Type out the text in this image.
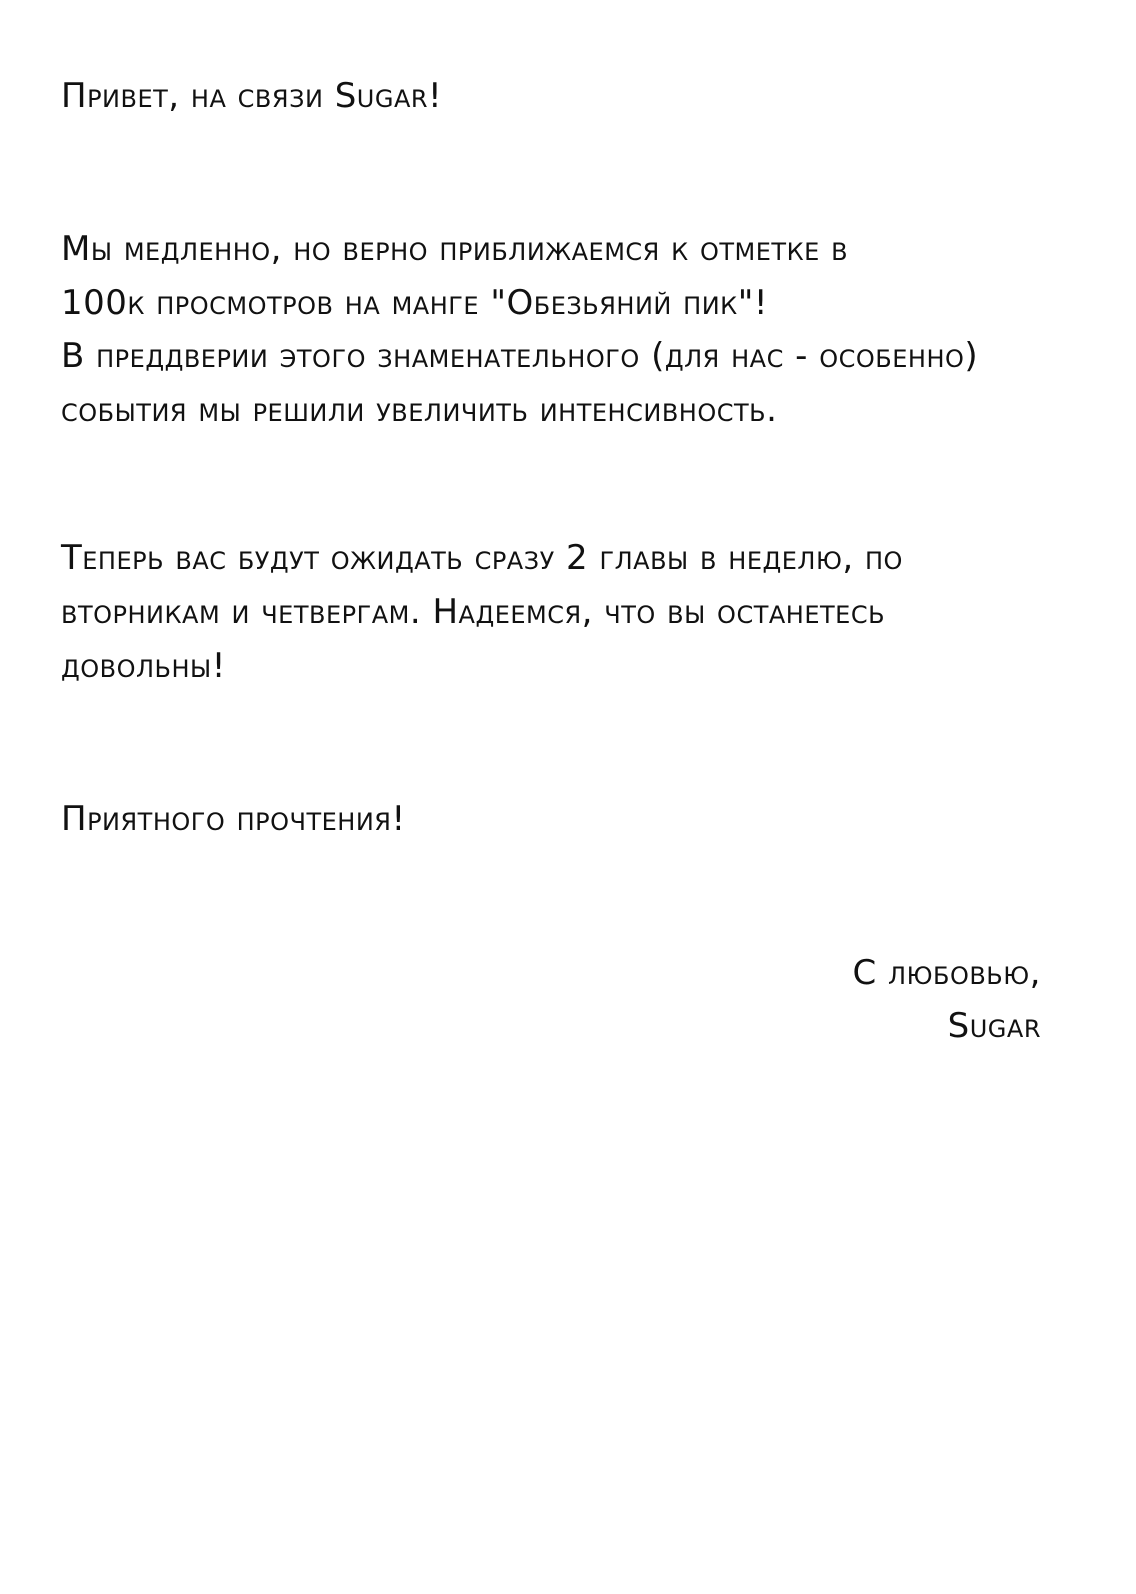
Привет, на связи Sugar!

Мы медленно, но верно приближаемся к отметке в

100к просмотров на манге "Обезьяний пик"!

В преддверии этого знаменательного (для нас - особенно)

события мы решили увеличить интенсивность.

Теперь вас будут ожидать сразу 2 главы в неделю, по

вторникам и четвергам. Надеемся, что вы останетесь

довольны!

Приятного прочтения!

С любовью,

Sugar
